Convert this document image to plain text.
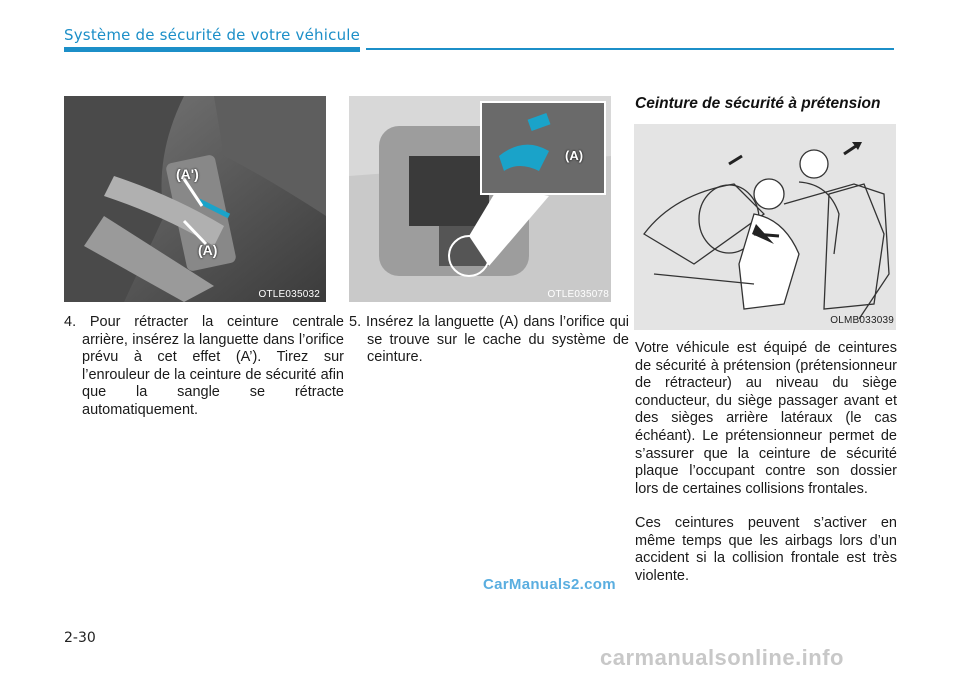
Système de sécurité de votre véhicule
(A')
(A)
OTLE035032
(A)
OTLE035078
OLMB033039

4. Pour rétracter la ceinture centrale arrière, insérez la languette dans l’orifice prévu à cet effet (A’). Tirez sur l’enrouleur de la ceinture de sécurité afin que la sangle se rétracte automatiquement.

5. Insérez la languette (A) dans l’orifice qui se trouve sur le cache du système de ceinture.

Ceinture de sécurité à prétension

Votre véhicule est équipé de ceintures de sécurité à prétension (prétensionneur de rétracteur) au niveau du siège conducteur, du siège passager avant et des sièges arrière latéraux (le cas échéant). Le prétensionneur permet de s’assurer que la ceinture de sécurité plaque l’occupant contre son dossier lors de certaines collisions frontales.

Ces ceintures peuvent s’activer en même temps que les airbags lors d’un accident si la collision frontale est très violente.

2-30
CarManuals2.com
carmanualsonline.info
